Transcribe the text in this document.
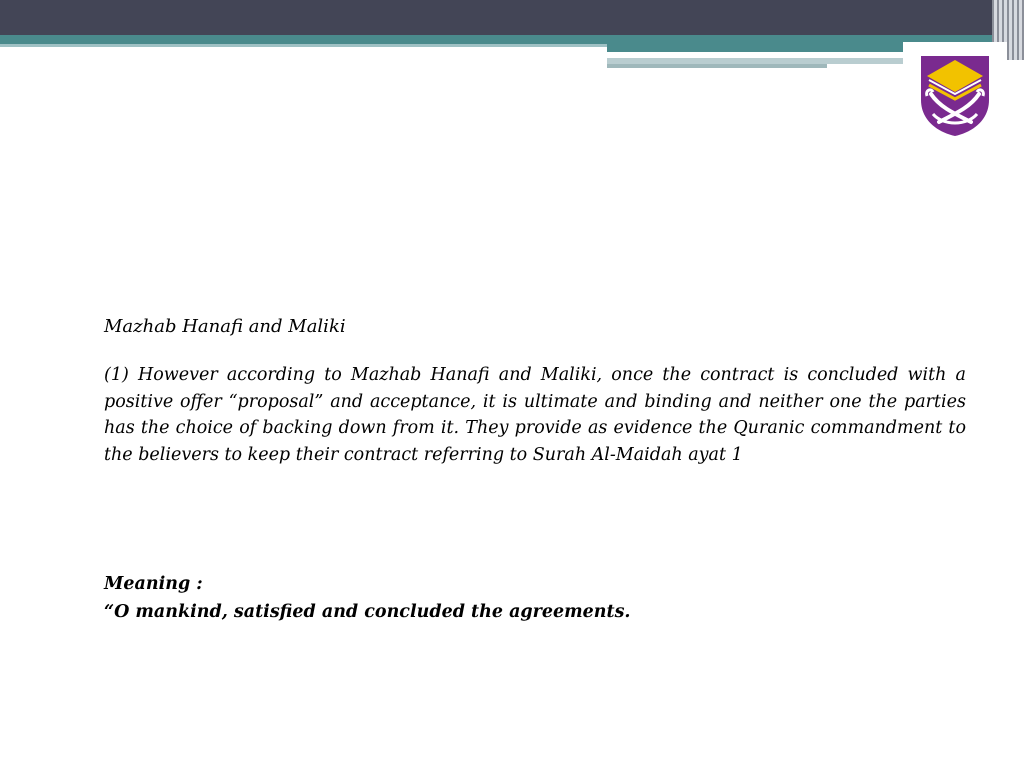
Mazhab Hanafi and Maliki

(1) However according to Mazhab Hanafi and Maliki, once the contract is concluded with a positive offer “proposal” and acceptance, it is ultimate and binding and neither one the parties has the choice of backing down from it. They provide as evidence the Quranic commandment to the believers to keep their contract referring to Surah Al-Maidah ayat 1

Meaning :
“O mankind, satisfied and concluded the agreements.
